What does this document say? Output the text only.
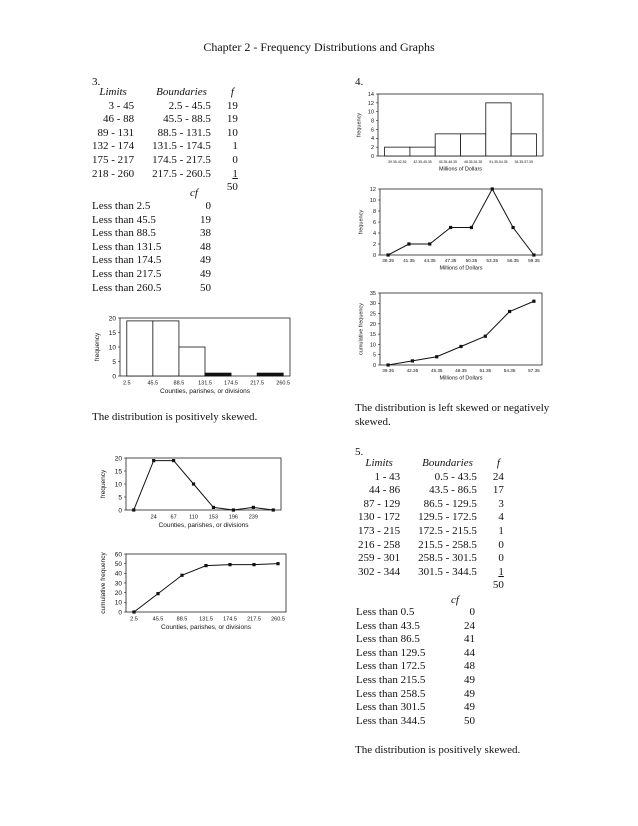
Chapter 2 - Frequency Distributions and Graphs
3.
Limits	Boundaries	f
3 - 45	2.5 - 45.5	19
46 - 88	45.5 - 88.5	19
89 - 131	88.5 - 131.5	10
132 - 174	131.5 - 174.5	1
175 - 217	174.5 - 217.5	0
218 - 260	217.5 - 260.5	1
		50
cf
Less than 2.5	0
Less than 45.5	19
Less than 88.5	38
Less than 131.5	48
Less than 174.5	49
Less than 217.5	49
Less than 260.5	50
0
5
10
15
20
Counties, parishes, or divisions
frequency
2.5	45.5	88.5 131.5 174.5 217.5 260.5
The distribution is positively skewed.
0
5
10
15
20
Counties, parishes, or divisions
frequency
24 67 110 153 196 239
0
10
20
30
40
50
60
Counties, parishes, or divisions
cumulative frequency
2.5	45.5 88.5 131.5 174.5 217.5 260.5
4.
0
2
4
6
8
10
12
14
Millions of Dollars
frequency
39.35-42.35 42.35-45.35 45.35-48.35 48.35-51.35 51.35-54.35 54.35-57.35
0
2
4
6
8
10
12
Millions of Dollars
frequency
38.35 41.35 44.35 47.35 50.35 53.35 56.35 59.35
0
5
10
15
20
25
30
35
Millions of Dollars
cumulative frequency
39.35	42.35	45.35	48.35	51.35	54.35	57.35
The distribution is left skewed or negatively skewed.
5.
Limits	Boundaries	f
1 - 43	0.5 - 43.5	24
44 - 86	43.5 - 86.5	17
87 - 129	86.5 - 129.5	3
130 - 172	129.5 - 172.5	4
173 - 215	172.5 - 215.5	1
216 - 258	215.5 - 258.5	0
259 - 301	258.5 - 301.5	0
302 - 344	301.5 - 344.5	1
		50
cf
Less than 0.5	0
Less than 43.5	24
Less than 86.5	41
Less than 129.5	44
Less than 172.5	48
Less than 215.5	49
Less than 258.5	49
Less than 301.5	49
Less than 344.5	50
The distribution is positively skewed.
